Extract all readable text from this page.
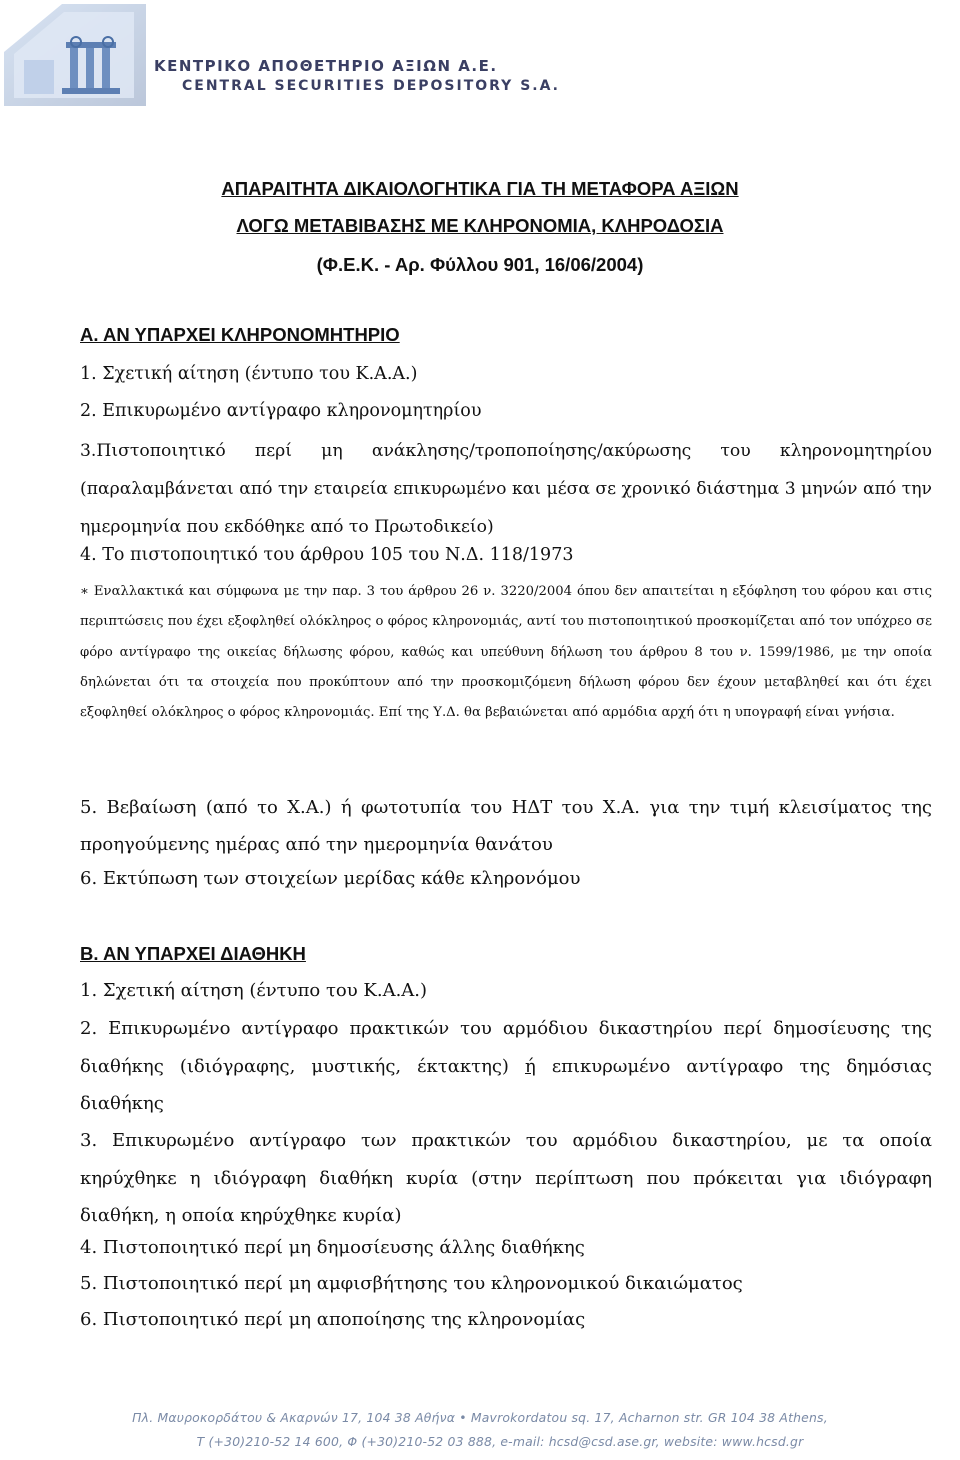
ΚΕΝΤΡΙΚΟ ΑΠΟΘΕΤΗΡΙΟ ΑΞΙΩΝ Α.Ε.
CENTRAL SECURITIES DEPOSITORY S.A.
ΑΠΑΡΑΙΤΗΤΑ ΔΙΚΑΙΟΛΟΓΗΤΙΚΑ ΓΙΑ ΤΗ ΜΕΤΑΦΟΡΑ ΑΞΙΩΝ
ΛΟΓΩ ΜΕΤΑΒΙΒΑΣΗΣ ΜΕ ΚΛΗΡΟΝΟΜΙΑ, ΚΛΗΡΟΔΟΣΙΑ
(Φ.Ε.Κ. - Αρ. Φύλλου 901, 16/06/2004)
Α. ΑΝ ΥΠΑΡΧΕΙ ΚΛΗΡΟΝΟΜΗΤΗΡΙΟ
1. Σχετική αίτηση (έντυπο του Κ.Α.Α.)
2. Επικυρωμένο αντίγραφο κληρονομητηρίου
3.Πιστοποιητικό περί μη ανάκλησης/τροποποίησης/ακύρωσης του κληρονομητηρίου (παραλαμβάνεται από την εταιρεία επικυρωμένο και μέσα σε χρονικό διάστημα 3 μηνών από την ημερομηνία που εκδόθηκε από το Πρωτοδικείο)
4. Το πιστοποιητικό του άρθρου 105 του Ν.Δ. 118/1973
∗ Εναλλακτικά και σύμφωνα με την παρ. 3 του άρθρου 26 ν. 3220/2004 όπου δεν απαιτείται η εξόφληση του φόρου και στις περιπτώσεις που έχει εξοφληθεί ολόκληρος ο φόρος κληρονομιάς, αντί του πιστοποιητικού προσκομίζεται από τον υπόχρεο σε φόρο αντίγραφο της οικείας δήλωσης φόρου, καθώς και υπεύθυνη δήλωση του άρθρου 8 του ν. 1599/1986, με την οποία δηλώνεται ότι τα στοιχεία που προκύπτουν από την προσκομιζόμενη δήλωση φόρου δεν έχουν μεταβληθεί και ότι έχει εξοφληθεί ολόκληρος ο φόρος κληρονομιάς. Επί της Υ.Δ. θα βεβαιώνεται από αρμόδια αρχή ότι η υπογραφή είναι γνήσια.
5. Βεβαίωση (από το Χ.Α.) ή φωτοτυπία του ΗΔΤ του Χ.Α. για την τιμή κλεισίματος της προηγούμενης ημέρας από την ημερομηνία θανάτου
6. Εκτύπωση των στοιχείων μερίδας κάθε κληρονόμου
Β. ΑΝ ΥΠΑΡΧΕΙ ΔΙΑΘΗΚΗ
1. Σχετική αίτηση (έντυπο του Κ.Α.Α.)
2. Επικυρωμένο αντίγραφο πρακτικών του αρμόδιου δικαστηρίου περί δημοσίευσης της διαθήκης (ιδιόγραφης, μυστικής, έκτακτης) ή επικυρωμένο αντίγραφο της δημόσιας διαθήκης
3. Επικυρωμένο αντίγραφο των πρακτικών του αρμόδιου δικαστηρίου, με τα οποία κηρύχθηκε η ιδιόγραφη διαθήκη κυρία (στην περίπτωση που πρόκειται για ιδιόγραφη διαθήκη, η οποία κηρύχθηκε κυρία)
4. Πιστοποιητικό περί μη δημοσίευσης άλλης διαθήκης
5. Πιστοποιητικό περί μη αμφισβήτησης του κληρονομικού δικαιώματος
6. Πιστοποιητικό περί μη αποποίησης της κληρονομίας
Πλ. Μαυροκορδάτου & Ακαρνών 17, 104 38 Αθήνα • Mavrokordatou sq. 17, Acharnon str. GR 104 38 Athens,
Τ (+30)210-52 14 600, Φ (+30)210-52 03 888, e-mail: hcsd@csd.ase.gr, website: www.hcsd.gr
